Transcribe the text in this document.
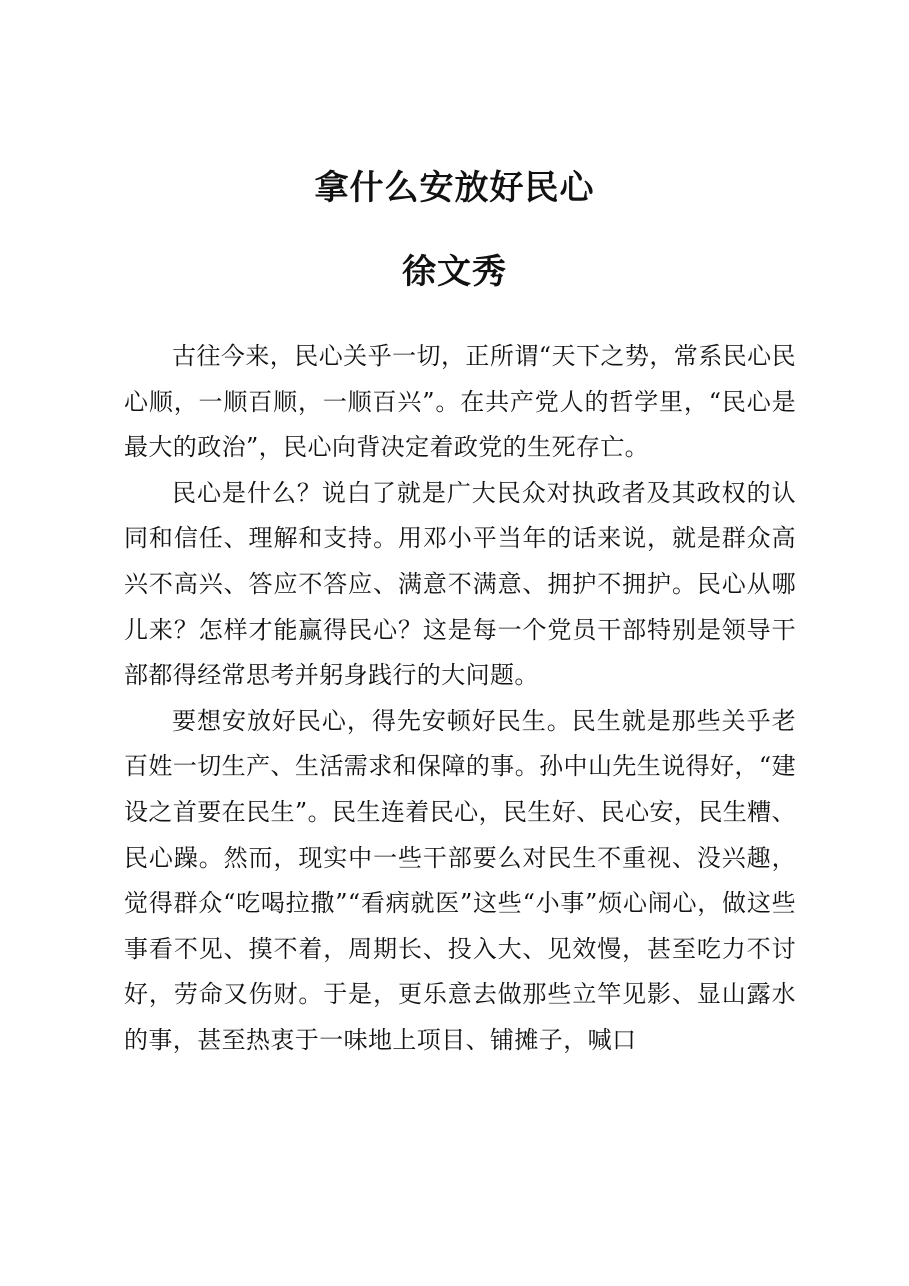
拿什么安放好民心
徐文秀

古往今来，民心关乎一切，正所谓“天下之势，常系民心民心顺，一顺百顺，一顺百兴”。在共产党人的哲学里，“民心是最大的政治”，民心向背决定着政党的生死存亡。

民心是什么？说白了就是广大民众对执政者及其政权的认同和信任、理解和支持。用邓小平当年的话来说，就是群众高兴不高兴、答应不答应、满意不满意、拥护不拥护。民心从哪儿来？怎样才能赢得民心？这是每一个党员干部特别是领导干部都得经常思考并躬身践行的大问题。

要想安放好民心，得先安顿好民生。民生就是那些关乎老百姓一切生产、生活需求和保障的事。孙中山先生说得好，“建设之首要在民生”。民生连着民心，民生好、民心安，民生糟、民心躁。然而，现实中一些干部要么对民生不重视、没兴趣，觉得群众“吃喝拉撒”“看病就医”这些“小事”烦心闹心，做这些事看不见、摸不着，周期长、投入大、见效慢，甚至吃力不讨好，劳命又伤财。于是，更乐意去做那些立竿见影、显山露水的事，甚至热衷于一味地上项目、铺摊子，喊口
